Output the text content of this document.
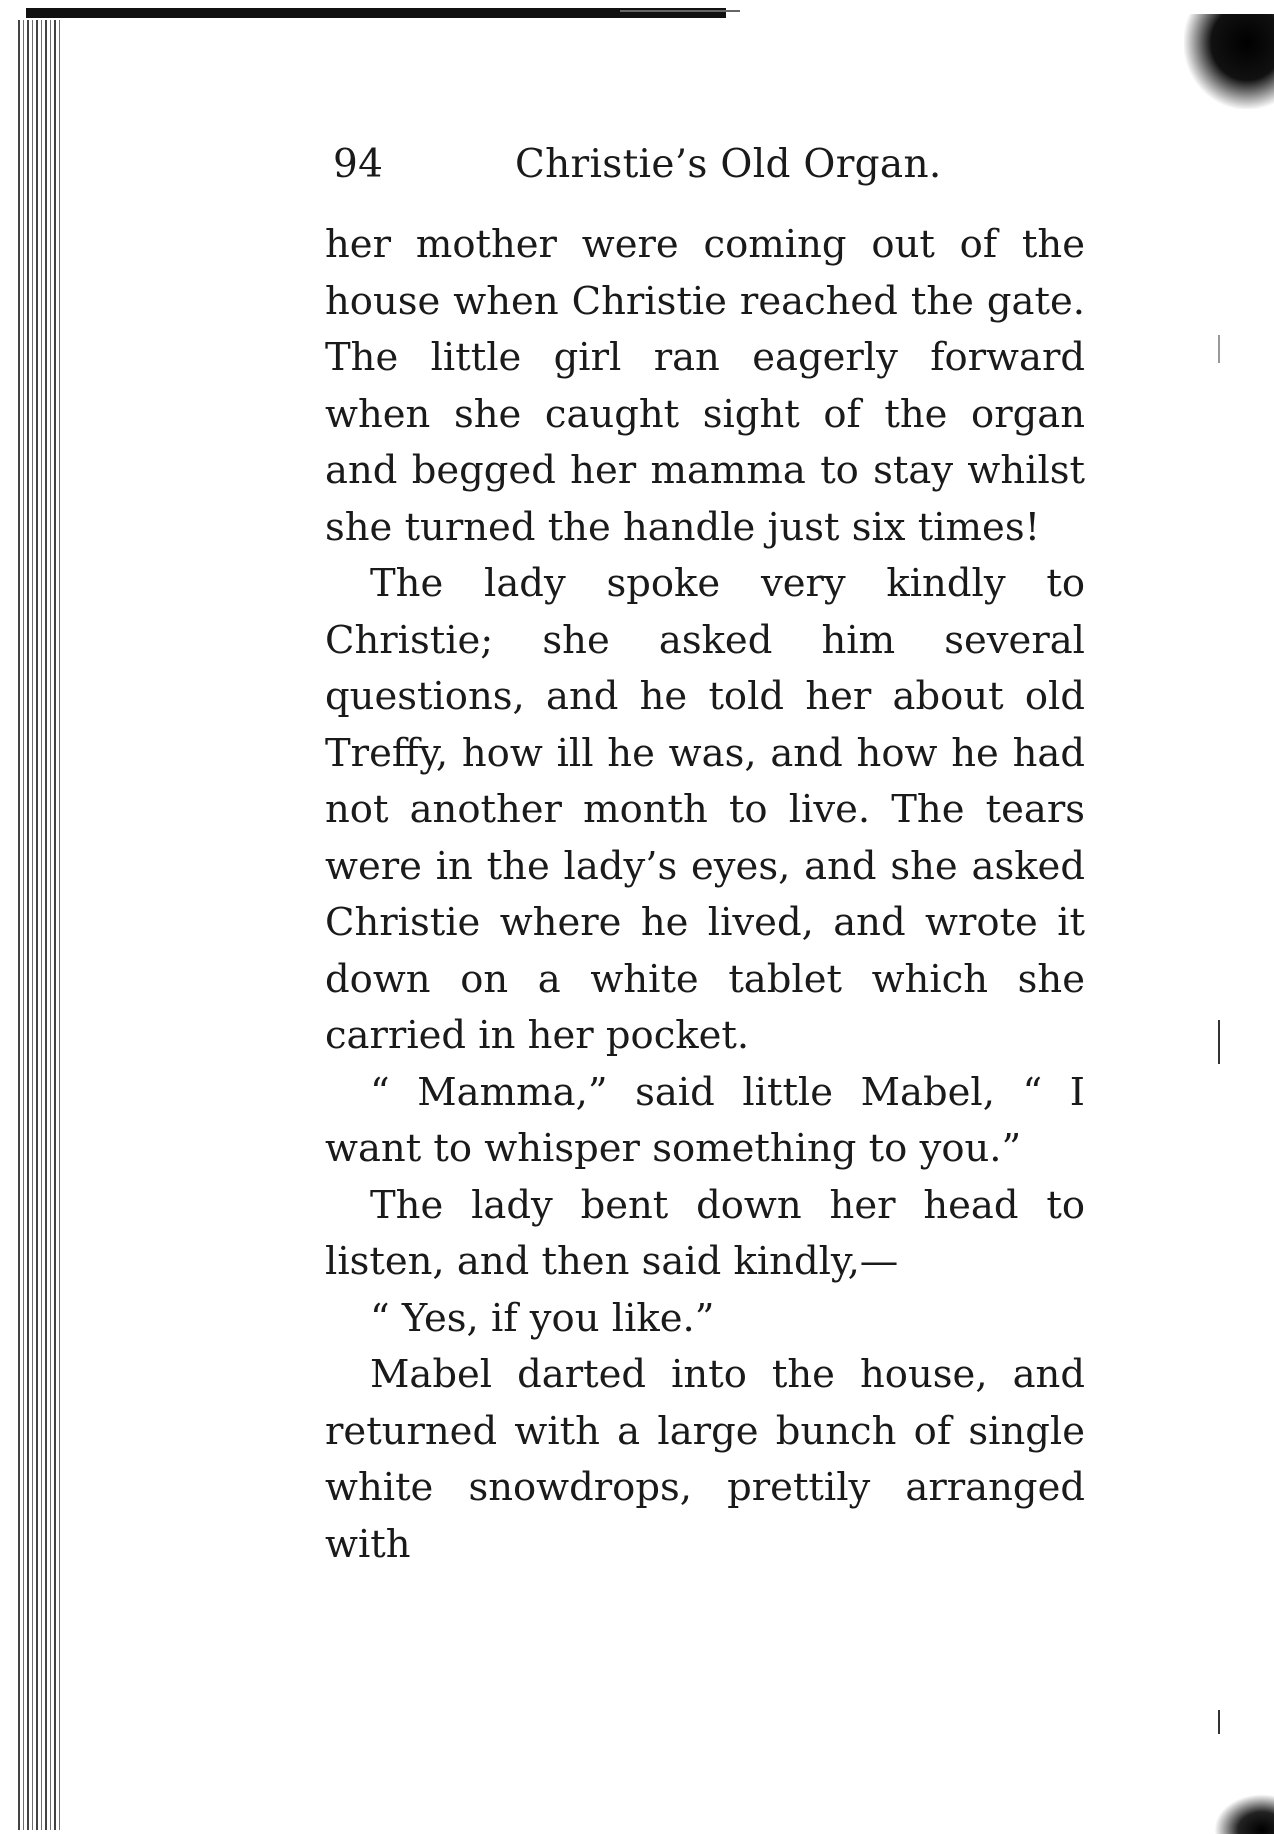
94	Christie’s Old Organ.

her mother were coming out of the house when Christie reached the gate. The little girl ran eagerly forward when she caught sight of the organ and begged her mamma to stay whilst she turned the handle just six times!

The lady spoke very kindly to Christie; she asked him several questions, and he told her about old Treffy, how ill he was, and how he had not another month to live. The tears were in the lady’s eyes, and she asked Christie where he lived, and wrote it down on a white tablet which she carried in her pocket.

“ Mamma,” said little Mabel, “ I want to whisper something to you.”

The lady bent down her head to listen, and then said kindly,—

“ Yes, if you like.”

Mabel darted into the house, and returned with a large bunch of single white snowdrops, prettily arranged with
